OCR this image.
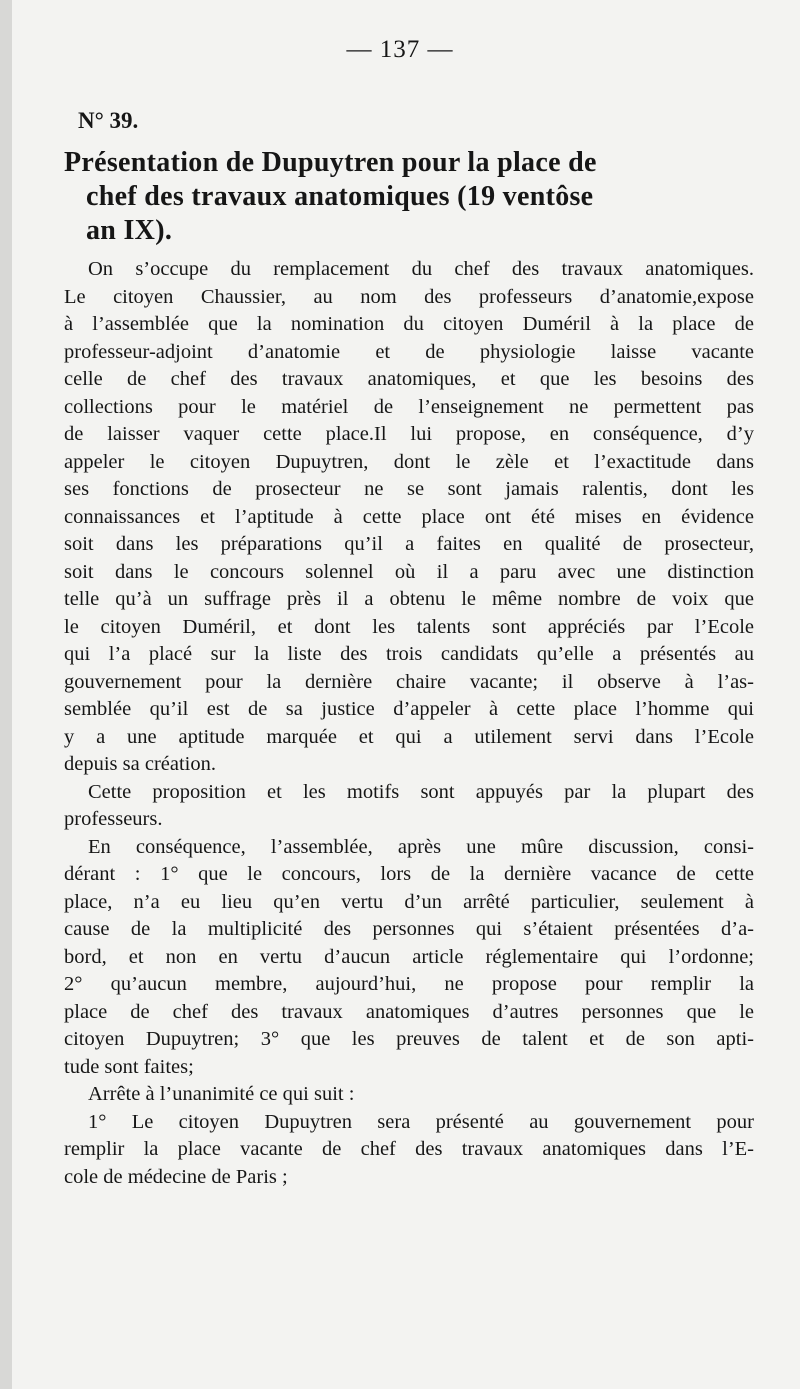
— 137 —
N° 39.
Présentation de Dupuytren pour la place de
chef des travaux anatomiques (19 ventôse
an IX).
On s’occupe du remplacement du chef des travaux anatomiques.
Le citoyen Chaussier, au nom des professeurs d’anatomie,expose
à l’assemblée que la nomination du citoyen Duméril à la place de
professeur-adjoint d’anatomie et de physiologie laisse vacante
celle de chef des travaux anatomiques, et que les besoins des
collections pour le matériel de l’enseignement ne permettent pas
de laisser vaquer cette place.Il lui propose, en conséquence, d’y
appeler le citoyen Dupuytren, dont le zèle et l’exactitude dans
ses fonctions de prosecteur ne se sont jamais ralentis, dont les
connaissances et l’aptitude à cette place ont été mises en évidence
soit dans les préparations qu’il a faites en qualité de prosecteur,
soit dans le concours solennel où il a paru avec une distinction
telle qu’à un suffrage près il a obtenu le même nombre de voix que
le citoyen Duméril, et dont les talents sont appréciés par l’Ecole
qui l’a placé sur la liste des trois candidats qu’elle a présentés au
gouvernement pour la dernière chaire vacante; il observe à l’as-
semblée qu’il est de sa justice d’appeler à cette place l’homme qui
y a une aptitude marquée et qui a utilement servi dans l’Ecole
depuis sa création.
Cette proposition et les motifs sont appuyés par la plupart des
professeurs.
En conséquence, l’assemblée, après une mûre discussion, consi-
dérant : 1° que le concours, lors de la dernière vacance de cette
place, n’a eu lieu qu’en vertu d’un arrêté particulier, seulement à
cause de la multiplicité des personnes qui s’étaient présentées d’a-
bord, et non en vertu d’aucun article réglementaire qui l’ordonne;
2° qu’aucun membre, aujourd’hui, ne propose pour remplir la
place de chef des travaux anatomiques d’autres personnes que le
citoyen Dupuytren; 3° que les preuves de talent et de son apti-
tude sont faites;
Arrête à l’unanimité ce qui suit :
1° Le citoyen Dupuytren sera présenté au gouvernement pour
remplir la place vacante de chef des travaux anatomiques dans l’E-
cole de médecine de Paris ;
